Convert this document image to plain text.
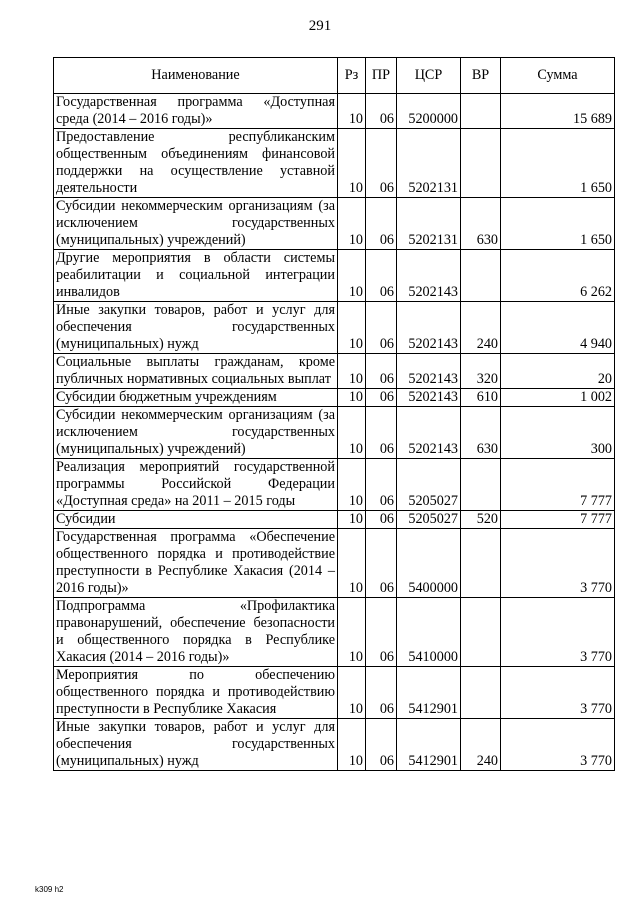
291
Наименование	Рз	ПР	ЦСР	ВР	Сумма
Государственная программа «Доступная среда (2014 – 2016 годы)»	10	06	5200000		15 689
Предоставление республиканским общественным объединениям финансовой поддержки на осуществление уставной деятельности	10	06	5202131		1 650
Субсидии некоммерческим организациям (за исключением государственных (муниципальных) учреждений)	10	06	5202131	630	1 650
Другие мероприятия в области системы реабилитации и социальной интеграции инвалидов	10	06	5202143		6 262
Иные закупки товаров, работ и услуг для обеспечения государственных (муниципальных) нужд	10	06	5202143	240	4 940
Социальные выплаты гражданам, кроме публичных нормативных социальных выплат	10	06	5202143	320	20
Субсидии бюджетным учреждениям	10	06	5202143	610	1 002
Субсидии некоммерческим организациям (за исключением государственных (муниципальных) учреждений)	10	06	5202143	630	300
Реализация мероприятий государственной программы Российской Федерации «Доступная среда» на 2011 – 2015 годы	10	06	5205027		7 777
Субсидии	10	06	5205027	520	7 777
Государственная программа «Обеспечение общественного порядка и противодействие преступности в Республике Хакасия (2014 – 2016 годы)»	10	06	5400000		3 770
Подпрограмма «Профилактика правонарушений, обеспечение безопасности и общественного порядка в Республике Хакасия (2014 – 2016 годы)»	10	06	5410000		3 770
Мероприятия по обеспечению общественного порядка и противодействию преступности в Республике Хакасия	10	06	5412901		3 770
Иные закупки товаров, работ и услуг для обеспечения государственных (муниципальных) нужд	10	06	5412901	240	3 770
k309 h2
